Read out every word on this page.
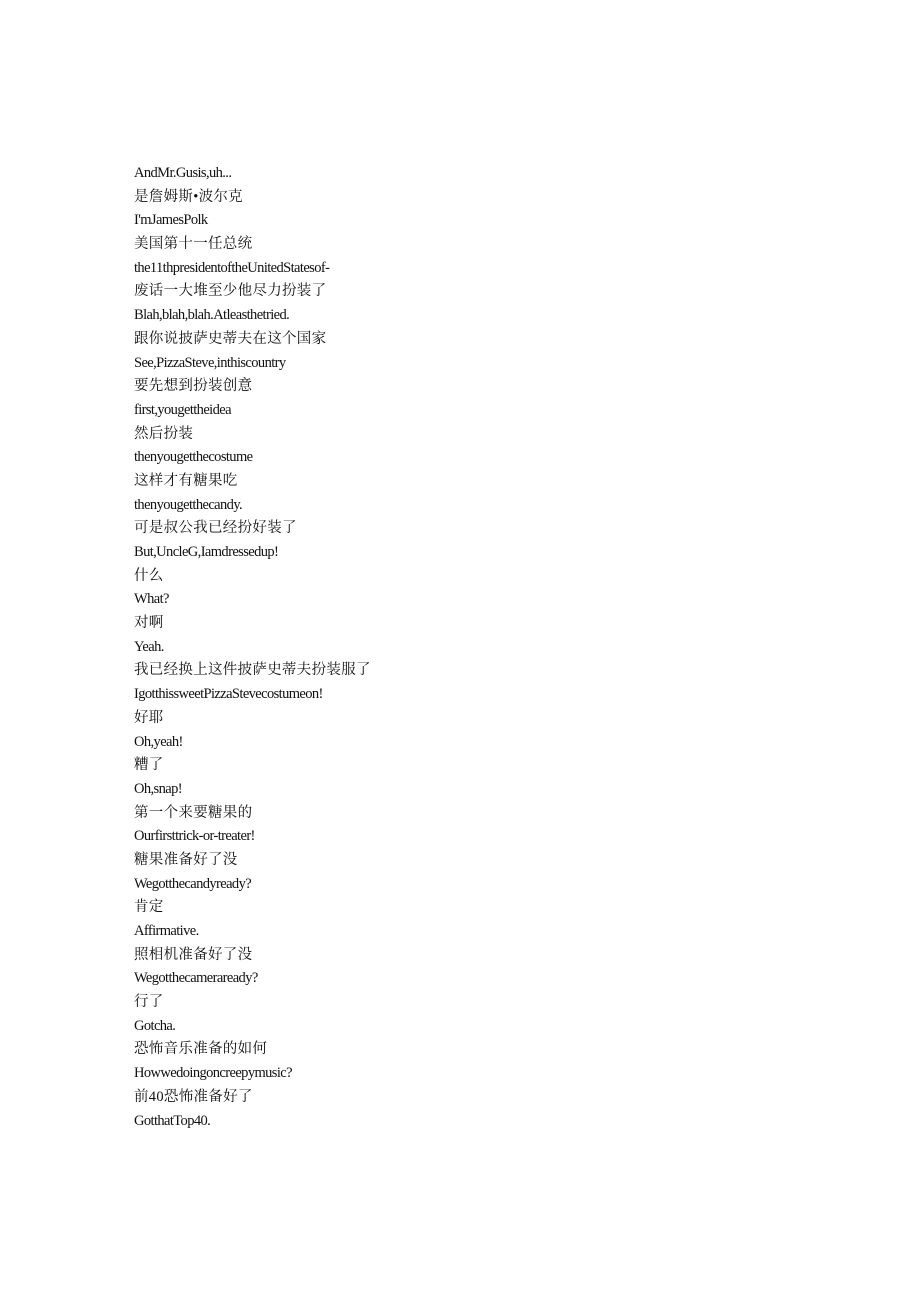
AndMr.Gusis,uh...
是詹姆斯•波尔克
I'mJamesPolk
美国第十一任总统
the11thpresidentoftheUnitedStatesof-
废话一大堆至少他尽力扮装了
Blah,blah,blah.Atleasthetried.
跟你说披萨史蒂夫在这个国家
See,PizzaSteve,inthiscountry
要先想到扮装创意
first,yougettheidea
然后扮装
thenyougetthecostume
这样才有糖果吃
thenyougetthecandy.
可是叔公我已经扮好装了
But,UncleG,Iamdressedup!
什么
What?
对啊
Yeah.
我已经换上这件披萨史蒂夫扮装服了
IgotthissweetPizzaStevecostumeon!
好耶
Oh,yeah!
糟了
Oh,snap!
第一个来要糖果的
Ourfirsttrick-or-treater!
糖果准备好了没
Wegotthecandyready?
肯定
Affirmative.
照相机准备好了没
Wegotthecameraready?
行了
Gotcha.
恐怖音乐准备的如何
Howwedoingoncreepymusic?
前40恐怖准备好了
GotthatTop40.
